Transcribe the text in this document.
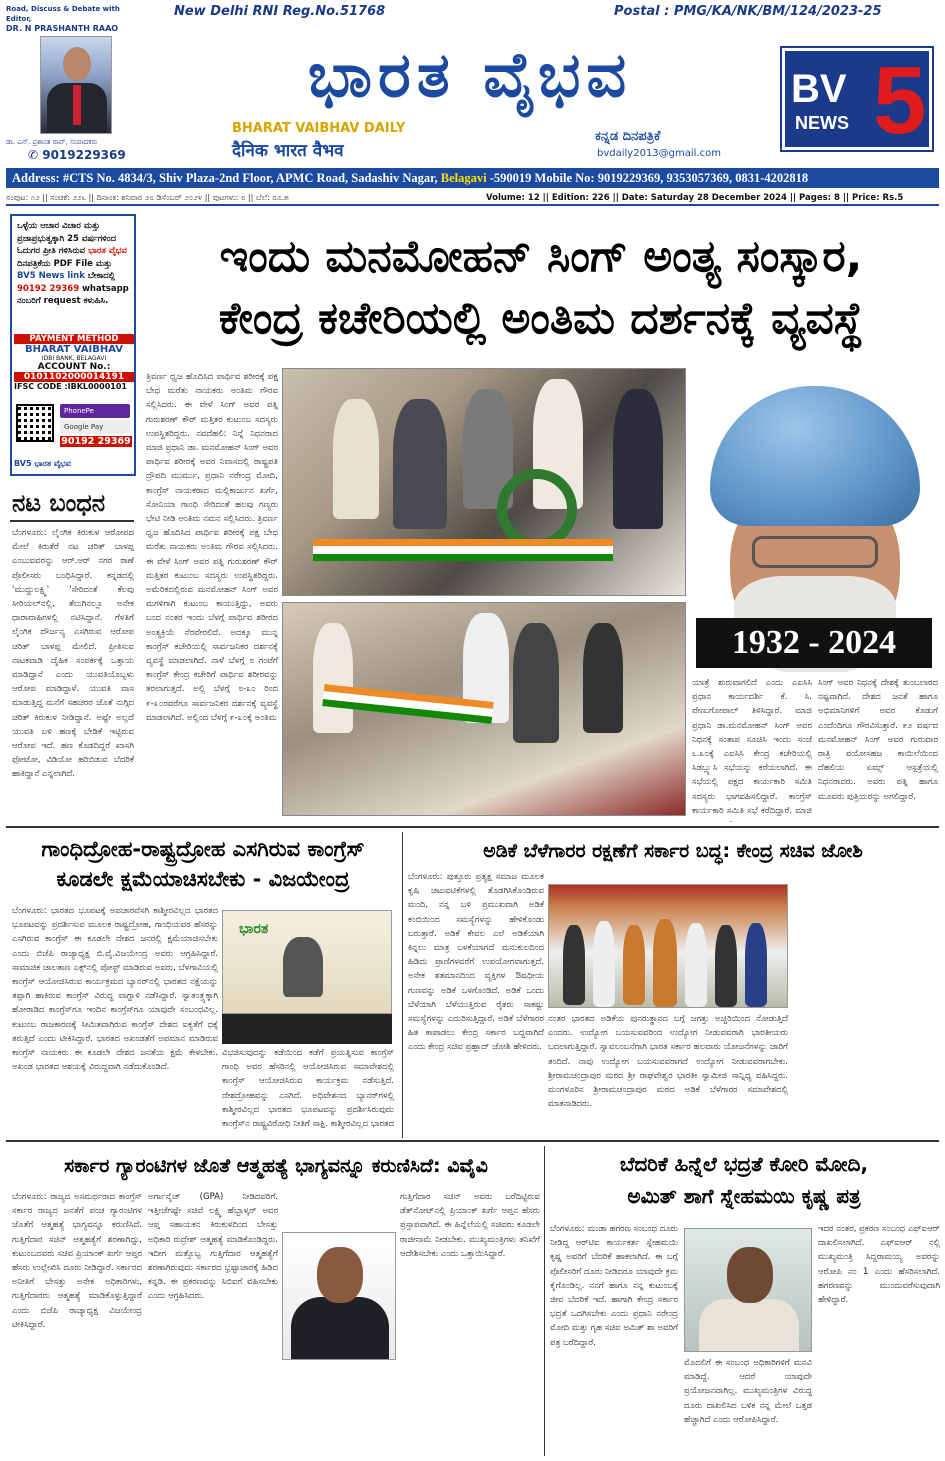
Road, Discuss & Debate with Editor,
DR. N PRASHANTH RAAO
ಡಾ. ಎನ್. ಪ್ರಶಾಂತ ರಾವ್, ಸಂಪಾದಕರು
✆ 9019229369
New Delhi RNI Reg.No.51768	Postal : PMG/KA/NK/BM/124/2023-25
ಭಾರತ ವೈಭವ
BHARAT VAIBHAV DAILY
दैनिक भारत वैभव
ಕನ್ನಡ ದಿನಪತ್ರಿಕೆ
bvdaily2013@gmail.com
BV 5
NEWS
Address: #CTS No. 4834/3, Shiv Plaza-2nd Floor, APMC Road, Sadashiv Nagar, Belagavi -590019 Mobile No: 9019229369, 9353057369, 0831-4202818
ಸಂಪುಟ: ೧೨ || ಸಂಚಿಕೆ: ೨೨೬ || ದಿನಾಂಕ: ಶನಿವಾರ ೨೮ ಡಿಸೆಂಬರ್ ೨೦೨೪ || ಪುಟಗಳು: ೮ || ಬೆಲೆ: ರೂ.೫	Volume: 12 || Edition: 226 || Date: Saturday 28 December 2024 || Pages: 8 || Price: Rs.5
ಒಳ್ಳೆಯ ಆಚಾರ ವಿಚಾರ ಮತ್ತು ಪ್ರಜಾಪ್ರಭುತ್ವಕ್ಕಾಗಿ 25 ವರ್ಷಗಳಿಂದ ಓದುಗರ ಪ್ರೀತಿ ಗಳಿಸಿರುವ ಭಾರತ ವೈಭವ ದಿನಪತ್ರಿಕೆಯ PDF File ಮತ್ತು BV5 News link ಬೇಕಾದಲ್ಲಿ 90192 29369 whatsapp ನಂಬರಿಗೆ request ಕಳುಹಿಸಿ.
PAYMENT METHOD
BHARAT VAIBHAV
IDBI BANK, BELAGAVI
ACCOUNT No.:
0101102000014191
IFSC CODE :IBKL0000101
PhonePe
Google Pay
90192 29369
BV5 ಭಾರತ ವೈಭವ
ನಟ ಬಂಧನ
ಬೆಂಗಳೂರು: ಲೈಂಗಿಕ ಕಿರುಕುಳ ಆರೋಪದ ಮೇಲೆ ಕಿರುತೆರೆ ನಟ ಚರಿತ್ ಬಾಳಪ್ಪ ಎಂಬುವವರನ್ನು ಆರ್.ಆರ್ ನಗರ ಠಾಣೆ ಪೊಲೀಸರು ಬಂಧಿಸಿದ್ದಾರೆ. ಕನ್ನಡದಲ್ಲಿ 'ಮುದ್ದುಲಕ್ಷ್ಮಿ' 'ಸೇರಿದಂತೆ ಕೆಲವು ಸೀರಿಯಲ್‌ನಲ್ಲಿ, ತೆಲುಗಿನಲ್ಲೂ ಅನೇಕ ಧಾರಾವಾಹಿಗಳಲ್ಲಿ ನಟಿಸಿದ್ದಾನೆ. ಗೆಳತಿಗೆ ಲೈಂಗಿಕ ದೌರ್ಜನ್ಯ ಎಸಗಿರುವ ಆರೋಪ ಚರಿತ್ ಬಾಳಪ್ಪ ಮೇಲಿದೆ. ಪ್ರೀತಿಸುವ ನಾಟಕವಾಡಿ ದೈಹಿಕ ಸಂಪರ್ಕಕ್ಕೆ ಒತ್ತಾಯ ಮಾಡಿದ್ದಾನೆ ಎಂದು ಯುವತಿಯೊಬ್ಬಳು ಆರೋಪ ಮಾಡಿದ್ದಾಳೆ. ಯುವತಿ ವಾಸ ಮಾಡುತ್ತಿದ್ದ ಮನೆಗೆ ಸಹಚರರ ಜೊತೆ ನುಗ್ಗಿದ ಚರಿತ್ ಕಿರುಕುಳ ನೀಡಿದ್ದಾನೆ. ಅಷ್ಟೇ ಅಲ್ಲದೆ ಯುವತಿ ಬಳಿ ಹಣಕ್ಕೆ ಬೇಡಿಕೆ ಇಟ್ಟಿರುವ ಆರೋಪ ಇದೆ. ಹಣ ಕೊಡದಿದ್ದರೆ ಖಾಸಗಿ ಫೋಟೋ, ವಿಡಿಯೋ ಹರಿಬಿಡುವ ಬೆದರಿಕೆ ಹಾಕಿದ್ದಾನೆ ಎನ್ನಲಾಗಿದೆ.
ಇಂದು ಮನಮೋಹನ್ ಸಿಂಗ್ ಅಂತ್ಯ ಸಂಸ್ಕಾರ,
ಕೇಂದ್ರ ಕಚೇರಿಯಲ್ಲಿ ಅಂತಿಮ ದರ್ಶನಕ್ಕೆ ವ್ಯವಸ್ಥೆ
ತ್ರಿವರ್ಣ ಧ್ವಜ ಹೊದಿಸಿದ ಪಾರ್ಥಿವ ಶರೀರಕ್ಕೆ ಪಕ್ಷ ಬೇಧ ಮರೆತು ನಾಯಕರು ಅಂತಿಮ ಗೌರವ ಸಲ್ಲಿಸಿದರು. ಈ ವೇಳೆ ಸಿಂಗ್ ಅವರ ಪತ್ನಿ ಗುರುಶರಣ್ ಕೌರ್ ಮತ್ತಿತರ ಕುಟುಂಬ ಸದಸ್ಯರು ಉಪಸ್ಥಿತರಿದ್ದರು. ನವದೆಹಲಿ: ನಿನ್ನೆ ನಿಧನರಾದ ಮಾಜಿ ಪ್ರಧಾನಿ ಡಾ. ಮನಮೋಹನ್ ಸಿಂಗ್ ಅವರ ಪಾರ್ಥಿವ ಶರೀರಕ್ಕೆ ಅವರ ನಿವಾಸದಲ್ಲಿ ರಾಷ್ಟ್ರಪತಿ ದ್ರೌಪದಿ ಮುರ್ಮು, ಪ್ರಧಾನಿ ನರೇಂದ್ರ ಮೋದಿ, ಕಾಂಗ್ರೆಸ್ ನಾಯಕರಾದ ಮಲ್ಲಿಕಾರ್ಜುನ ಖರ್ಗೆ, ಸೋನಿಯಾ ಗಾಂಧಿ ಸೇರಿದಂತೆ ಹಲವು ಗಣ್ಯರು ಭೇಟಿ ನೀಡಿ ಅಂತಿಮ ನಮನ ಸಲ್ಲಿಸಿದರು. ತ್ರಿವರ್ಣ ಧ್ವಜ ಹೊದಿಸಿದ ಪಾರ್ಥಿವ ಶರೀರಕ್ಕೆ ಪಕ್ಷ ಬೇಧ ಮರೆತು ನಾಯಕರು ಅಂತಿಮ ಗೌರವ ಸಲ್ಲಿಸಿದರು. ಈ ವೇಳೆ ಸಿಂಗ್ ಅವರ ಪತ್ನಿ ಗುರುಶರಣ್ ಕೌರ್ ಮತ್ತಿತರ ಕುಟುಂಬ ಸದಸ್ಯರು ಉಪಸ್ಥಿತರಿದ್ದರು. ಅಮೆರಿಕದಲ್ಲಿರುವ ಮನಮೋಹನ್ ಸಿಂಗ್ ಅವರ ಮಗಳಿಗಾಗಿ ಕುಟುಂಬ ಕಾಯುತ್ತಿದ್ದು, ಅವರು ಬಂದ ನಂತರ ಇಂದು ಬೆಳಗ್ಗೆ ಪಾರ್ಥಿವ ಶರೀರದ ಅಂತ್ಯಕ್ರಿಯೆ ನೆರವೇರಲಿದೆ. ಅದಕ್ಕೂ ಮುನ್ನ ಕಾಂಗ್ರೆಸ್ ಕಚೇರಿಯಲ್ಲಿ ಸಾರ್ವಜನಿಕರ ದರ್ಶನಕ್ಕೆ ವ್ಯವಸ್ಥೆ ಮಾಡಲಾಗಿದೆ. ನಾಳೆ ಬೆಳಗ್ಗೆ ೮ ಗಂಟೆಗೆ ಕಾಂಗ್ರೆಸ್ ಕೇಂದ್ರ ಕಚೇರಿಗೆ ಪಾರ್ಥಿವ ಶರೀರವನ್ನು ತರಲಾಗುತ್ತದೆ. ಅಲ್ಲಿ ಬೆಳಗ್ಗೆ ೮-೩೦ ರಿಂದ ೯-೩೦ರವರೆಗೂ ಸಾರ್ವಜನಿಕರ ದರ್ಶನಕ್ಕೆ ವ್ಯವಸ್ಥೆ ಮಾಡಲಾಗಿದೆ. ಅಲ್ಲಿಂದ ಬೆಳಗ್ಗೆ ೯-೩೦ಕ್ಕೆ ಅಂತಿಮ
1932 - 2024
ಯಾತ್ರೆ ಶುರುವಾಗಲಿದೆ ಎಂದು ಎಐಸಿಸಿ ಪ್ರಧಾನ ಕಾರ್ಯದರ್ಶಿ ಕೆ. ಸಿ. ವೇಣುಗೋಪಾಲ್ ತಿಳಿಸಿದ್ದಾರೆ. ಮಾಜಿ ಪ್ರಧಾನಿ ಡಾ.ಮನಮೋಹನ್ ಸಿಂಗ್ ಅವರ ನಿಧನಕ್ಕೆ ಸಂತಾಪ ಸೂಚಿಸಿ ಇಂದು ಸಂಜೆ ೬.೩೦ಕ್ಕೆ ಎಐಸಿಸಿ ಕೇಂದ್ರ ಕಚೇರಿಯಲ್ಲಿ ಸಿಡಬ್ಲ್ಯುಸಿ ಸಭೆಯನ್ನು ಕರೆಯಲಾಗಿದೆ. ಈ ಸಭೆಯಲ್ಲಿ ಪಕ್ಷದ ಕಾರ್ಯಕಾರಿ ಸಮಿತಿ ಸದಸ್ಯರು ಭಾಗವಹಿಸಲಿದ್ದಾರೆ. ಕಾಂಗ್ರೆಸ್ ಕಾರ್ಯಕಾರಿ ಸಮಿತಿ ಸಭೆ ಕರೆದಿದ್ದಾರೆ. ಮಾಜಿ
ಸಿಂಗ್ ಅವರ ನಿಧನಕ್ಕೆ ದೇಶಕ್ಕೆ ತುಂಬಲಾರದ ನಷ್ಟವಾಗಿದೆ. ದೇಶದ ಜನತೆ ಹಾಗೂ ಅಭಿಮಾನಿಗಳಿಗೆ ಅವರ ಕೊಡುಗೆ ಎಂದೆಂದಿಗೂ ಗೌರವಿಸುತ್ತಾರೆ. ೯೨ ವರ್ಷದ ಮನಮೋಹನ್ ಸಿಂಗ್ ಅವರ ಗುರುವಾರ ರಾತ್ರಿ ವಯೋಸಹಜ ಕಾಯಿಲೆಯಿಂದ ದೆಹಲಿಯ ಏಮ್ಸ್ ಆಸ್ಪತ್ರೆಯಲ್ಲಿ ನಿಧನರಾದರು. ಅವರು ಪತ್ನಿ ಹಾಗೂ ಮೂವರು ಪುತ್ರಿಯರನ್ನು ಅಗಲಿದ್ದಾರೆ.
ಗಾಂಧಿದ್ರೋಹ-ರಾಷ್ಟ್ರದ್ರೋಹ ಎಸಗಿರುವ ಕಾಂಗ್ರೆಸ್
ಕೂಡಲೇ ಕ್ಷಮೆಯಾಚಿಸಬೇಕು - ವಿಜಯೇಂದ್ರ
ಬೆಂಗಳೂರು: ಭಾರತದ ಭೂಪಟಕ್ಕೆ ಅಪಚಾರವೆಸಗಿ ಕಾಶ್ಮೀರವಿಲ್ಲದ ಭಾರತದ ಭೂಪಟವನ್ನು ಪ್ರದರ್ಶಿಸುವ ಮೂಲಕ ರಾಷ್ಟ್ರದ್ರೋಹ, ಗಾಂಧಿಯವರ ಹೆಸರನ್ನು ಎಸಗಿರುವ ಕಾಂಗ್ರೆಸ್ ಈ ಕೂಡಲೇ ದೇಶದ ಜನರಲ್ಲಿ ಕ್ಷಮೆಯಾಚಿಸಬೇಕು ಎಂದು ಬಿಜೆಪಿ ರಾಜ್ಯಾಧ್ಯಕ್ಷ ಬಿ.ವೈ.ವಿಜಯೇಂದ್ರ ಅವರು ಆಗ್ರಹಿಸಿದ್ದಾರೆ. ಸಾಮಾಜಿಕ ಜಾಲತಾಣ ಎಕ್ಸ್‌ನಲ್ಲಿ ಪೋಸ್ಟ್ ಮಾಡಿರುವ ಅವರು, ಬೆಳಗಾವಿಯಲ್ಲಿ ಕಾಂಗ್ರೆಸ್ ಆಯೋಜಿಸಿರುವ ಕಾರ್ಯಕ್ರಮದ ಬ್ಯಾನರ್‌ನಲ್ಲಿ ಭಾರತದ ನಕ್ಷೆಯನ್ನು ತಪ್ಪಾಗಿ ಹಾಕಿರುವ ಕಾಂಗ್ರೆಸ್ ವಿರುದ್ಧ ವಾಗ್ದಾಳಿ ನಡೆಸಿದ್ದಾರೆ. ಸ್ವಾತಂತ್ರ್ಯಕ್ಕಾಗಿ ಹೋರಾಡಿದ ಕಾಂಗ್ರೆಸ್‌ಗೂ ಇಂದಿನ ಕಾಂಗ್ರೆಸ್‌ಗೂ ಯಾವುದೇ ಸಂಬಂಧವಿಲ್ಲ. ಕುಟುಂಬ ರಾಜಕಾರಣಕ್ಕೆ ಸೀಮಿತವಾಗಿರುವ ಕಾಂಗ್ರೆಸ್ ದೇಶದ ಐಕ್ಯತೆಗೆ ಧಕ್ಕೆ ತರುತ್ತಿದೆ ಎಂದು ಟೀಕಿಸಿದ್ದಾರೆ. ಭಾರತದ ಅಖಂಡತೆಗೆ ಅಪಮಾನ ಮಾಡಿರುವ ಕಾಂಗ್ರೆಸ್ ನಾಯಕರು ಈ ಕೂಡಲೇ ದೇಶದ ಜನತೆಯ ಕ್ಷಮೆ ಕೇಳಬೇಕು. ಅಖಂಡ ಭಾರತದ ಆಶಯಕ್ಕೆ ವಿರುದ್ಧವಾಗಿ ನಡೆದುಕೊಂಡಿದೆ.
ಭಾರತ
ವಿಭಜಿಸುವುದನ್ನು ಕಡೆಯಿಂದ ಕಡೆಗೆ ಪ್ರಯತ್ನಿಸುವ ಕಾಂಗ್ರೆಸ್ ಗಾಂಧಿ ಅವರ ಹೆಸರಿನಲ್ಲಿ ಆಯೋಜಿಸಿರುವ ಸಮಾವೇಶದಲ್ಲಿ ಕಾಂಗ್ರೆಸ್ ಆಯೋಜಿಸಿರುವ ಕಾರ್ಯಕ್ರಮ ನಡೆಸುತ್ತಿದೆ. ದೇಶದ್ರೋಹವನ್ನು ಎಸಗಿದೆ. ಅಧಿವೇಶನದ ಬ್ಯಾನರ್‌ಗಳಲ್ಲಿ ಕಾಶ್ಮೀರವಿಲ್ಲದ ಭಾರತದ ಭೂಪಟವನ್ನು ಪ್ರದರ್ಶಿಸಿರುವುದು ಕಾಂಗ್ರೆಸ್‌ನ ರಾಷ್ಟ್ರವಿರೋಧಿ ನೀತಿಗೆ ಸಾಕ್ಷಿ. ಕಾಶ್ಮೀರವಿಲ್ಲದ ಭಾರತದ
ಅಡಿಕೆ ಬೆಳೆಗಾರರ ರಕ್ಷಣೆಗೆ ಸರ್ಕಾರ ಬದ್ಧ: ಕೇಂದ್ರ ಸಚಿವ ಜೋಶಿ
ಬೆಂಗಳೂರು: ಪುತ್ತೂರು ಪ್ರತ್ಯಕ್ಷ ಸಮಾಜ ಮೂಲಕ ಕೃಷಿ ಚಟುವಟಿಕೆಗಳಲ್ಲಿ ತೊಡಗಿಸಿಕೊಂಡಿರುವ ಮಂದಿ, ನನ್ನ ಬಳಿ ಪ್ರಮುಖವಾಗಿ ಅಡಿಕೆ ಕಂಬಿಯಿಂದ ಸಮಸ್ಯೆಗಳನ್ನು ಹೇಳಿಕೊಂಡು ಬರುತ್ತಾರೆ. ಅಡಿಕೆ ಕೇವಲ ಎಲೆ ಅಡಿಕೆಯಾಗಿ ಕಿನ್ನಲು ಮಾತ್ರ ಬಳಕೆಯಾಗದೆ ಮನುಕುಲದಿಂದ ಹಿಡಿದು ಪ್ರಾಣಿಗಳವರೆಗೆ ಉಪಯೋಗವಾಗುತ್ತದೆ. ಅನೇಕ ಶತಮಾನದಿಂದ ವ್ಯಕ್ತಿಗಳ ಔಷಧೀಯ ಗುಣವನ್ನು ಅಡಿಕೆ ಒಳಗೊಂಡಿದೆ. ಅಡಿಕೆ ಒಂದು ಬೆಳೆಯಾಗಿ ಬೆಳೆಯುತ್ತಿರುವ ರೈತರು ಸಾಕಷ್ಟು ಸಮಸ್ಯೆಗಳನ್ನು ಎದುರಿಸುತ್ತಿದ್ದಾರೆ. ಅಡಿಕೆ ಬೆಳೆಗಾರರ ಹಿತ ಕಾಪಾಡಲು ಕೇಂದ್ರ ಸರ್ಕಾರ ಬದ್ಧವಾಗಿದೆ ಎಂದು ಕೇಂದ್ರ ಸಚಿವ ಪ್ರಹ್ಲಾದ್ ಜೋಶಿ ಹೇಳಿದರು.
ನಂತರ ಭಾರತದ ಅಡಿಕೆಯ ಪುನರುತ್ಥಾನದ ಬಗ್ಗೆ ಜಗತ್ತು ಅಚ್ಚರಿಯಿಂದ ನೋಡುತ್ತಿದೆ ಎಂದರು. ಉದ್ಯೋಗ ಬಯಸುವವರಿಂದ ಉದ್ಯೋಗ ನೀಡುವವರಾಗಿ ಭಾರತೀಯರು ಬದಲಾಗುತ್ತಿದ್ದಾರೆ. ಸ್ವಾವಲಂಬನೆಗಾಗಿ ಭಾರತ ಸರ್ಕಾರ ಹಲವಾರು ಯೋಜನೆಗಳನ್ನು ಜಾರಿಗೆ ತಂದಿದೆ. ನಾವು ಉದ್ಯೋಗ ಬಯಸುವವರಾಗದೆ ಉದ್ಯೋಗ ನೀಡುವವರಾಗಬೇಕು. ಶ್ರೀರಾಮಚಂದ್ರಾಪುರ ಮಠದ ಶ್ರೀ ರಾಘವೇಶ್ವರ ಭಾರತೀ ಸ್ವಾಮೀಜಿ ಸಾನ್ನಿಧ್ಯ ವಹಿಸಿದ್ದರು. ಮಂಗಳೂರಿನ ಶ್ರೀರಾಮಚಂದ್ರಾಪುರ ಮಠದ ಅಡಿಕೆ ಬೆಳೆಗಾರರ ಸಮಾವೇಶದಲ್ಲಿ ಮಾತನಾಡಿದರು.
ಸರ್ಕಾರ ಗ್ಯಾರಂಟಿಗಳ ಜೊತೆ ಆತ್ಮಹತ್ಯೆ ಭಾಗ್ಯವನ್ನೂ ಕರುಣಿಸಿದೆ: ವಿವೈವಿ
ಬೆಂಗಳೂರು: ರಾಜ್ಯದ ಅಸಮರ್ಥರಾದ ಕಾಂಗ್ರೆಸ್ ಸರ್ಕಾರ ರಾಜ್ಯದ ಜನತೆಗೆ ಪಂಚ ಗ್ಯಾರಂಟಿಗಳ ಜೊತೆಗೆ ಆತ್ಮಹತ್ಯೆ ಭಾಗ್ಯವನ್ನೂ ಕರುಣಿಸಿದೆ. ಗುತ್ತಿಗೆದಾರ ಸಚಿನ್ ಆತ್ಮಹತ್ಯೆಗೆ ಶರಣಾಗಿದ್ದು, ಕುಟುಂಬದವರು ಸಚಿವ ಪ್ರಿಯಾಂಕ್ ಖರ್ಗೆ ಆಪ್ತರ ಹೆಸರು ಉಲ್ಲೇಖಿಸಿ ದೂರು ನೀಡಿದ್ದಾರೆ. ಸರ್ಕಾರದ ಅನೀತಿಗೆ ಬೇಸತ್ತು ಅನೇಕ ಅಧಿಕಾರಿಗಳು, ಗುತ್ತಿಗೆದಾರರು ಆತ್ಮಹತ್ಯೆ ಮಾಡಿಕೊಳ್ಳುತ್ತಿದ್ದಾರೆ ಎಂದು ಬಿಜೆಪಿ ರಾಜ್ಯಾಧ್ಯಕ್ಷ ವಿಜಯೇಂದ್ರ ಟೀಕಿಸಿದ್ದಾರೆ.
ಅರ್ಗಾನೈಜ್ (GPA) ನೀಡಿದವರಿಗೆ. ಇತ್ತೀಚೆಗಷ್ಟೇ ಸಚಿವೆ ಲಕ್ಷ್ಮಿ ಹೆಬ್ಬಾಳ್ಕರ್ ಅವರ ಆಪ್ತ ಸಹಾಯಕನ ಕಿರುಕುಳದಿಂದ ಬೇಸತ್ತು ಅಧಿಕಾರಿ ರುದ್ರೇಶ್ ಆತ್ಮಹತ್ಯೆ ಮಾಡಿಕೊಂಡಿದ್ದರು. ಇದೀಗ ಮತ್ತೊಬ್ಬ ಗುತ್ತಿಗೆದಾರ ಆತ್ಮಹತ್ಯೆಗೆ ಶರಣಾಗಿರುವುದು ಸರ್ಕಾರದ ಭ್ರಷ್ಟಾಚಾರಕ್ಕೆ ಹಿಡಿದ ಕನ್ನಡಿ. ಈ ಪ್ರಕರಣವನ್ನು ಸಿಬಿಐಗೆ ವಹಿಸಬೇಕು ಎಂದು ಆಗ್ರಹಿಸಿದರು.
ಗುತ್ತಿಗೆದಾರ ಸಚಿನ್ ಅವರು ಬರೆದಿಟ್ಟಿರುವ ಡೆತ್‌ನೋಟ್‌ನಲ್ಲಿ ಪ್ರಿಯಾಂಕ್ ಖರ್ಗೆ ಆಪ್ತನ ಹೆಸರು ಪ್ರಸ್ತಾಪವಾಗಿದೆ. ಈ ಹಿನ್ನೆಲೆಯಲ್ಲಿ ಸಚಿವರು ಕೂಡಲೇ ರಾಜೀನಾಮೆ ನೀಡಬೇಕು. ಮುಖ್ಯಮಂತ್ರಿಗಳು ತನಿಖೆಗೆ ಆದೇಶಿಸಬೇಕು ಎಂದು ಒತ್ತಾಯಿಸಿದ್ದಾರೆ.
ಬೆದರಿಕೆ ಹಿನ್ನೆಲೆ ಭದ್ರತೆ ಕೋರಿ ಮೋದಿ,
ಅಮಿತ್ ಶಾಗೆ ಸ್ನೇಹಮಯಿ ಕೃಷ್ಣ ಪತ್ರ
ಬೆಂಗಳೂರು: ಮುಡಾ ಹಗರಣ ಸಂಬಂಧ ದೂರು ನೀಡಿದ್ದ ಆರ್‌ಟಿಐ ಕಾರ್ಯಕರ್ತ ಸ್ನೇಹಮಯಿ ಕೃಷ್ಣ ಅವರಿಗೆ ಬೆದರಿಕೆ ಹಾಕಲಾಗಿದೆ. ಈ ಬಗ್ಗೆ ಪೊಲೀಸರಿಗೆ ದೂರು ನೀಡಿದರೂ ಯಾವುದೇ ಕ್ರಮ ಕೈಗೊಂಡಿಲ್ಲ. ನನಗೆ ಹಾಗೂ ನನ್ನ ಕುಟುಂಬಕ್ಕೆ ಜೀವ ಬೆದರಿಕೆ ಇದೆ. ಹಾಗಾಗಿ ಕೇಂದ್ರ ಸರ್ಕಾರ ಭದ್ರತೆ ಒದಗಿಸಬೇಕು ಎಂದು ಪ್ರಧಾನಿ ನರೇಂದ್ರ ಮೋದಿ ಮತ್ತು ಗೃಹ ಸಚಿವ ಅಮಿತ್ ಶಾ ಅವರಿಗೆ ಪತ್ರ ಬರೆದಿದ್ದಾರೆ.
ಮೊದಲಿಗೆ ಈ ಸಂಬಂಧ ಅಧಿಕಾರಿಗಳಿಗೆ ಮನವಿ ಮಾಡಿದ್ದೆ. ಆದರೆ ಯಾವುದೇ ಪ್ರಯೋಜನವಾಗಿಲ್ಲ. ಮುಖ್ಯಮಂತ್ರಿಗಳ ವಿರುದ್ಧ ದೂರು ದಾಖಲಿಸಿದ ಬಳಿಕ ನನ್ನ ಮೇಲೆ ಒತ್ತಡ ಹೆಚ್ಚಾಗಿದೆ ಎಂದು ಆರೋಪಿಸಿದ್ದಾರೆ.
ಇದರ ನಂತರ, ಪ್ರಕರಣ ಸಂಬಂಧ ಎಫ್‌ಐಆರ್ ದಾಖಲಿಸಲಾಗಿದೆ. ಎಫ್‌ಐಆರ್ ನಲ್ಲಿ ಮುಖ್ಯಮಂತ್ರಿ ಸಿದ್ದರಾಮಯ್ಯ ಅವರನ್ನು ಆರೋಪಿ ನಂ 1 ಎಂದು ಹೆಸರಿಸಲಾಗಿದೆ. ಹಗರಣವನ್ನು ಮುಂದುವರೆಸುವುದಾಗಿ ಹೇಳಿದ್ದಾರೆ.
